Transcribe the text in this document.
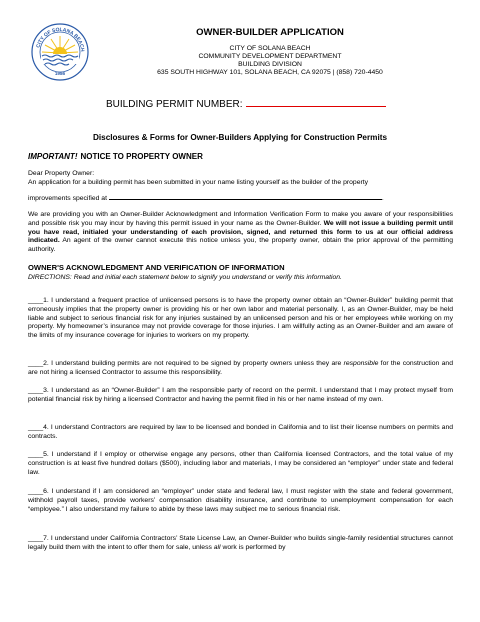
CITY OF SOLANA BEACH
1986
OWNER-BUILDER APPLICATION
CITY OF SOLANA BEACH
COMMUNITY DEVELOPMENT DEPARTMENT
BUILDING DIVISION
635 SOUTH HIGHWAY 101, SOLANA BEACH, CA 92075 | (858) 720-4450
BUILDING PERMIT NUMBER:
Disclosures & Forms for Owner-Builders Applying for Construction Permits
IMPORTANT! NOTICE TO PROPERTY OWNER
Dear Property Owner:
An application for a building permit has been submitted in your name listing yourself as the builder of the property
improvements specified at	.

We are providing you with an Owner-Builder Acknowledgment and Information Verification Form to make you aware of your responsibilities and possible risk you may incur by having this permit issued in your name as the Owner-Builder. We will not issue a building permit until you have read, initialed your understanding of each provision, signed, and returned this form to us at our official address indicated. An agent of the owner cannot execute this notice unless you, the property owner, obtain the prior approval of the permitting authority.

OWNER'S ACKNOWLEDGMENT AND VERIFICATION OF INFORMATION
DIRECTIONS: Read and initial each statement below to signify you understand or verify this information.

____1. I understand a frequent practice of unlicensed persons is to have the property owner obtain an “Owner-Builder” building permit that erroneously implies that the property owner is providing his or her own labor and material personally. I, as an Owner-Builder, may be held liable and subject to serious financial risk for any injuries sustained by an unlicensed person and his or her employees while working on my property. My homeowner’s insurance may not provide coverage for those injuries. I am willfully acting as an Owner-Builder and am aware of the limits of my insurance coverage for injuries to workers on my property.

____2. I understand building permits are not required to be signed by property owners unless they are responsible for the construction and are not hiring a licensed Contractor to assume this responsibility.

____3. I understand as an “Owner-Builder” I am the responsible party of record on the permit. I understand that I may protect myself from potential financial risk by hiring a licensed Contractor and having the permit filed in his or her name instead of my own.

____4. I understand Contractors are required by law to be licensed and bonded in California and to list their license numbers on permits and contracts.

____5. I understand if I employ or otherwise engage any persons, other than California licensed Contractors, and the total value of my construction is at least five hundred dollars ($500), including labor and materials, I may be considered an “employer” under state and federal law.

____6. I understand if I am considered an “employer” under state and federal law, I must register with the state and federal government, withhold payroll taxes, provide workers’ compensation disability insurance, and contribute to unemployment compensation for each “employee.” I also understand my failure to abide by these laws may subject me to serious financial risk.

____7. I understand under California Contractors’ State License Law, an Owner-Builder who builds single-family residential structures cannot legally build them with the intent to offer them for sale, unless all work is performed by
